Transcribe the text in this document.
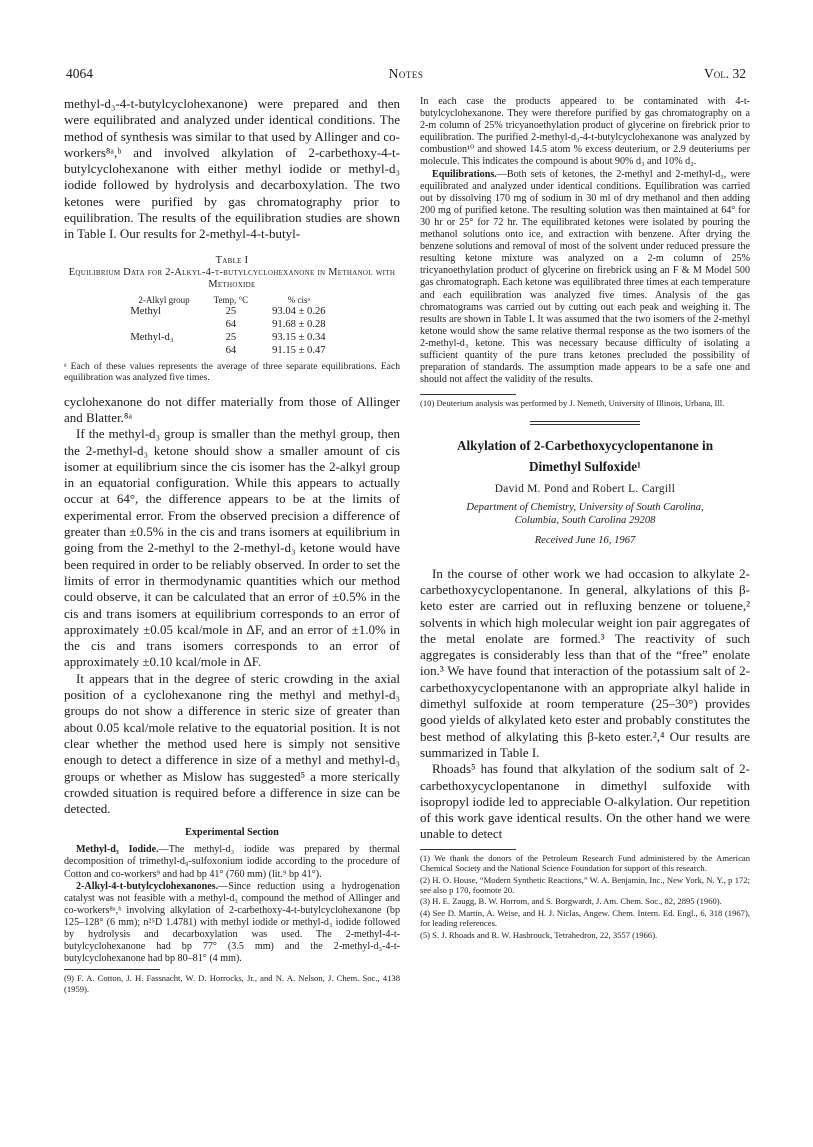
4064	Notes	Vol. 32

methyl-d₃-4-t-butylcyclohexanone) were prepared and then were equilibrated and analyzed under identical conditions. The method of synthesis was similar to that used by Allinger and co-workers⁸ᵃ,ᵇ and involved alkylation of 2-carbethoxy-4-t-butylcyclohexanone with either methyl iodide or methyl-d₃ iodide followed by hydrolysis and decarboxylation. The two ketones were purified by gas chromatography prior to equilibration. The results of the equilibration studies are shown in Table I. Our results for 2-methyl-4-t-butyl-

Table I
Equilibrium Data for 2-Alkyl-4-t-butylcyclohexanone in Methanol with Methoxide
2-Alkyl group	Temp, °C	% cisᵃ
Methyl	25	93.04 ± 0.26
	64	91.68 ± 0.28
Methyl-d₃	25	93.15 ± 0.34
	64	91.15 ± 0.47

ᵃ Each of these values represents the average of three separate equilibrations. Each equilibration was analyzed five times.

cyclohexanone do not differ materially from those of Allinger and Blatter.⁸ᵃ

If the methyl-d₃ group is smaller than the methyl group, then the 2-methyl-d₃ ketone should show a smaller amount of cis isomer at equilibrium since the cis isomer has the 2-alkyl group in an equatorial configuration. While this appears to actually occur at 64°, the difference appears to be at the limits of experimental error. From the observed precision a difference of greater than ±0.5% in the cis and trans isomers at equilibrium in going from the 2-methyl to the 2-methyl-d₃ ketone would have been required in order to be reliably observed. In order to set the limits of error in thermodynamic quantities which our method could observe, it can be calculated that an error of ±0.5% in the cis and trans isomers at equilibrium corresponds to an error of approximately ±0.05 kcal/mole in ΔF, and an error of ±1.0% in the cis and trans isomers corresponds to an error of approximately ±0.10 kcal/mole in ΔF.

It appears that in the degree of steric crowding in the axial position of a cyclohexanone ring the methyl and methyl-d₃ groups do not show a difference in steric size of greater than about 0.05 kcal/mole relative to the equatorial position. It is not clear whether the method used here is simply not sensitive enough to detect a difference in size of a methyl and methyl-d₃ groups or whether as Mislow has suggested⁵ a more sterically crowded situation is required before a difference in size can be detected.

Experimental Section

Methyl-d₃ Iodide.—The methyl-d₃ iodide was prepared by thermal decomposition of trimethyl-d₉-sulfoxonium iodide according to the procedure of Cotton and co-workers⁹ and had bp 41° (760 mm) (lit.⁹ bp 41°).

2-Alkyl-4-t-butylcyclohexanones.—Since reduction using a hydrogenation catalyst was not feasible with a methyl-d₃ compound the method of Allinger and co-workers⁸ᵃ,ᵇ involving alkylation of 2-carbethoxy-4-t-butylcyclohexanone (bp 125–128° (6 mm); n²⁵D 1.4781) with methyl iodide or methyl-d₃ iodide followed by hydrolysis and decarboxylation was used. The 2-methyl-4-t-butylcyclohexanone had bp 77° (3.5 mm) and the 2-methyl-d₃-4-t-butylcyclohexanone had bp 80–81° (4 mm).

(9) F. A. Cotton, J. H. Fassnacht, W. D. Horrocks, Jr., and N. A. Nelson, J. Chem. Soc., 4138 (1959).

In each case the products appeared to be contaminated with 4-t-butylcyclohexanone. They were therefore purified by gas chromatography on a 2-m column of 25% tricyanoethylation product of glycerine on firebrick prior to equilibration. The purified 2-methyl-d₃-4-t-butylcyclohexanone was analyzed by combustion¹⁰ and showed 14.5 atom % excess deuterium, or 2.9 deuteriums per molecule. This indicates the compound is about 90% d₃ and 10% d₂.

Equilibrations.—Both sets of ketones, the 2-methyl and 2-methyl-d₃, were equilibrated and analyzed under identical conditions. Equilibration was carried out by dissolving 170 mg of sodium in 30 ml of dry methanol and then adding 200 mg of purified ketone. The resulting solution was then maintained at 64° for 30 hr or 25° for 72 hr. The equilibrated ketones were isolated by pouring the methanol solutions onto ice, and extraction with benzene. After drying the benzene solutions and removal of most of the solvent under reduced pressure the resulting ketone mixture was analyzed on a 2-m column of 25% tricyanoethylation product of glycerine on firebrick using an F & M Model 500 gas chromatograph. Each ketone was equilibrated three times at each temperature and each equilibration was analyzed five times. Analysis of the gas chromatograms was carried out by cutting out each peak and weighing it. The results are shown in Table I. It was assumed that the two isomers of the 2-methyl ketone would show the same relative thermal response as the two isomers of the 2-methyl-d₃ ketone. This was necessary because difficulty of isolating a sufficient quantity of the pure trans ketones precluded the possibility of preparation of standards. The assumption made appears to be a safe one and should not affect the validity of the results.

(10) Deuterium analysis was performed by J. Nemeth, University of Illinois, Urbana, Ill.

Alkylation of 2-Carbethoxycyclopentanone in
Dimethyl Sulfoxide¹
David M. Pond and Robert L. Cargill
Department of Chemistry, University of South Carolina,
Columbia, South Carolina 29208
Received June 16, 1967

In the course of other work we had occasion to alkylate 2-carbethoxycyclopentanone. In general, alkylations of this β-keto ester are carried out in refluxing benzene or toluene,² solvents in which high molecular weight ion pair aggregates of the metal enolate are formed.³ The reactivity of such aggregates is considerably less than that of the “free” enolate ion.³ We have found that interaction of the potassium salt of 2-carbethoxycyclopentanone with an appropriate alkyl halide in dimethyl sulfoxide at room temperature (25–30°) provides good yields of alkylated keto ester and probably constitutes the best method of alkylating this β-keto ester.²,⁴ Our results are summarized in Table I.

Rhoads⁵ has found that alkylation of the sodium salt of 2-carbethoxycyclopentanone in dimethyl sulfoxide with isopropyl iodide led to appreciable O-alkylation. Our repetition of this work gave identical results. On the other hand we were unable to detect

(1) We thank the donors of the Petroleum Research Fund administered by the American Chemical Society and the National Science Foundation for support of this research.

(2) H. O. House, “Modern Synthetic Reactions,” W. A. Benjamin, Inc., New York, N. Y., p 172; see also p 170, footnote 20.

(3) H. E. Zaugg, B. W. Horrom, and S. Borgwardt, J. Am. Chem. Soc., 82, 2895 (1960).

(4) See D. Martin, A. Weise, and H. J. Niclas, Angew. Chem. Intern. Ed. Engl., 6, 318 (1967), for leading references.

(5) S. J. Rhoads and R. W. Hasbrouck, Tetrahedron, 22, 3557 (1966).
